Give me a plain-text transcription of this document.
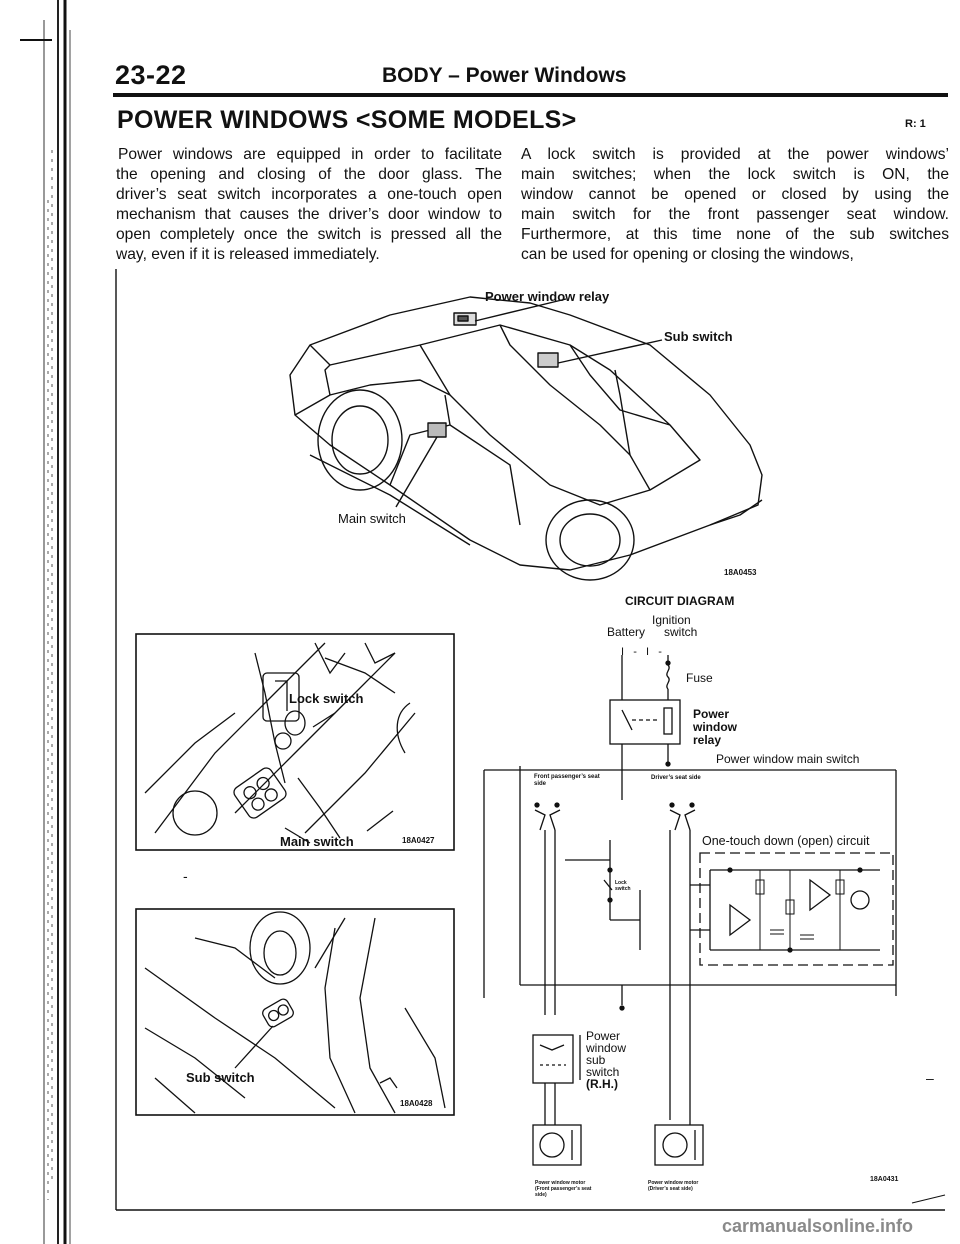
23-22	BODY – Power Windows
POWER WINDOWS <SOME MODELS>	R: 1
Power windows are equipped in order to facilitate
the opening and closing of the door glass. The
driver’s seat switch incorporates a one-touch open
mechanism that causes the driver’s door window to
open completely once the switch is pressed all the
way, even if it is released immediately.
A lock switch is provided at the power windows’
main switches; when the lock switch is ON, the
window cannot be opened or closed by using the
main switch for the front passenger seat window.
Furthermore, at this time none of the sub switches
can be used for opening or closing the windows,
Power window relay
Sub switch
Main switch
18A0453
Lock switch
Main switch	18A0427
-
Sub switch
18A0428
CIRCUIT DIAGRAM
Ignition
Battery switch
I   -   I   -
Fuse
Power
window
relay
Power window main switch
Front passenger’s seat side
Driver’s seat side
One-touch down (open) circuit
Lock switch
Power
window
sub
switch
(R.H.)
Power window motor (Front passenger’s seat side)
Power window motor (Driver’s seat side)
18A0431
–
carmanualsonline.info
